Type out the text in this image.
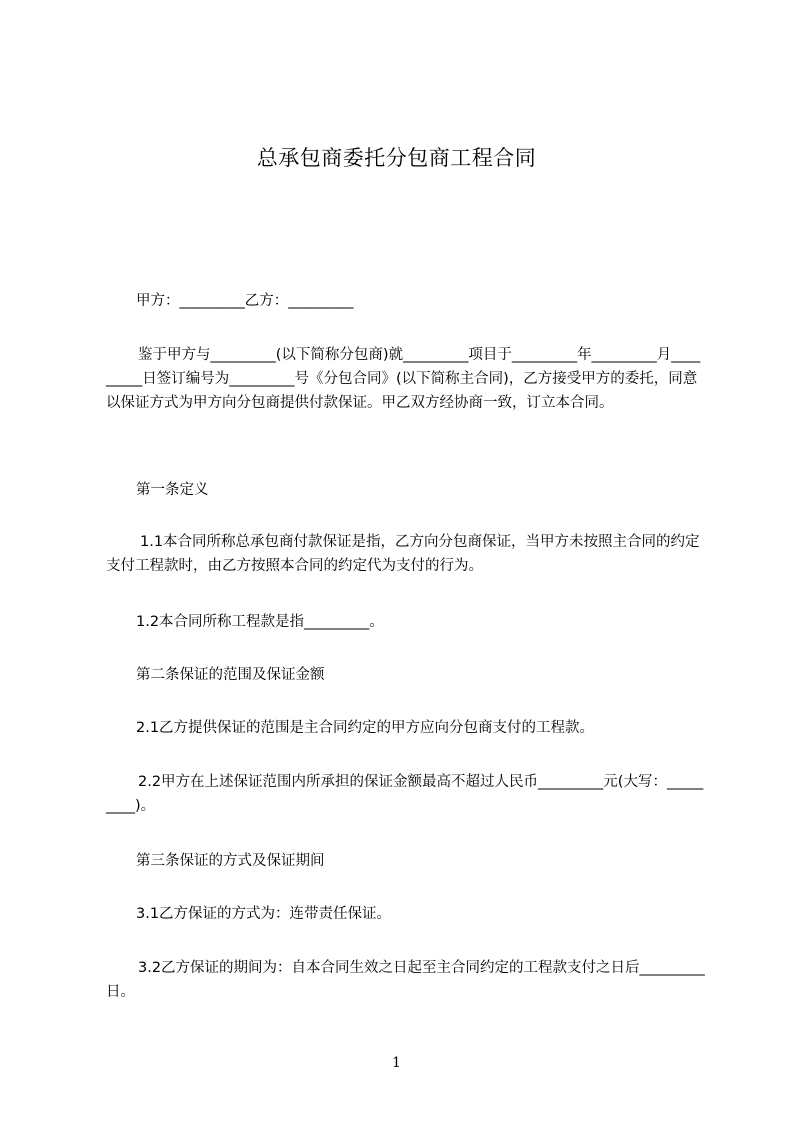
总承包商委托分包商工程合同
甲方：_________乙方：_________
鉴于甲方与_________(以下简称分包商)就_________项目于_________年_________月_________日签订编号为_________号《分包合同》(以下简称主合同)，乙方接受甲方的委托，同意以保证方式为甲方向分包商提供付款保证。甲乙双方经协商一致，订立本合同。
第一条定义
1.1本合同所称总承包商付款保证是指，乙方向分包商保证，当甲方未按照主合同的约定支付工程款时，由乙方按照本合同的约定代为支付的行为。
1.2本合同所称工程款是指_________。
第二条保证的范围及保证金额
2.1乙方提供保证的范围是主合同约定的甲方应向分包商支付的工程款。
2.2甲方在上述保证范围内所承担的保证金额最高不超过人民币_________元(大写：_________)。
第三条保证的方式及保证期间
3.1乙方保证的方式为：连带责任保证。
3.2乙方保证的期间为：自本合同生效之日起至主合同约定的工程款支付之日后_________日。
1
